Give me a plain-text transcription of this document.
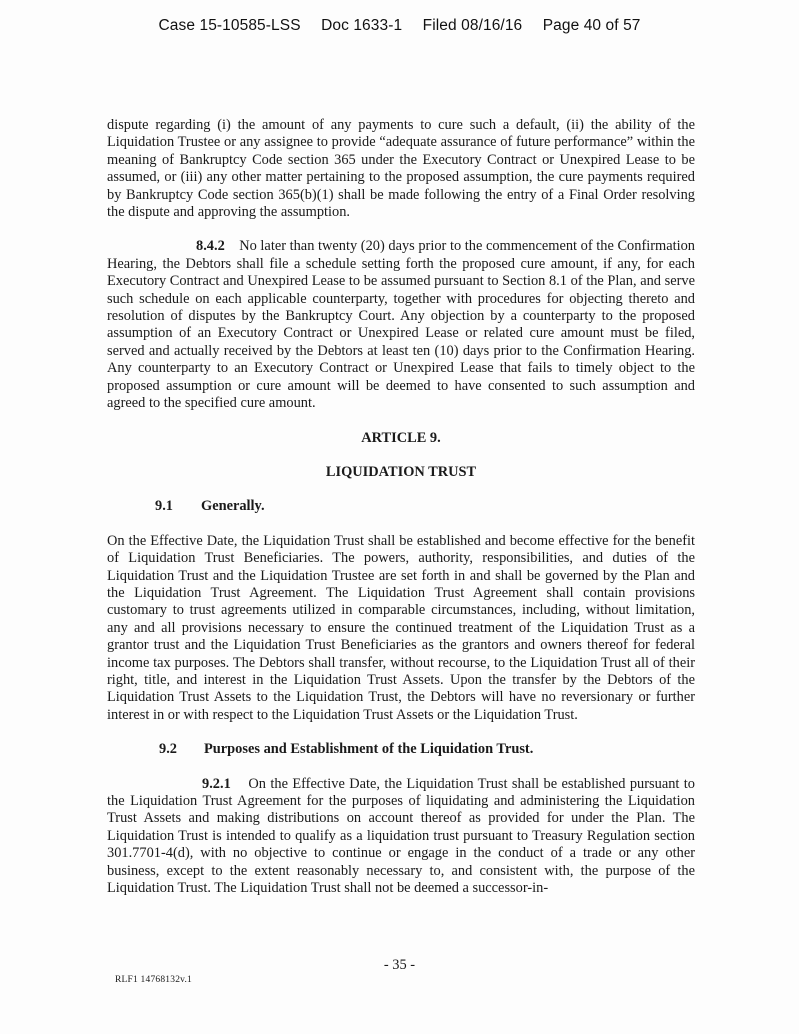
Case 15-10585-LSS Doc 1633-1 Filed 08/16/16 Page 40 of 57

dispute regarding (i) the amount of any payments to cure such a default, (ii) the ability of the Liquidation Trustee or any assignee to provide “adequate assurance of future performance” within the meaning of Bankruptcy Code section 365 under the Executory Contract or Unexpired Lease to be assumed, or (iii) any other matter pertaining to the proposed assumption, the cure payments required by Bankruptcy Code section 365(b)(1) shall be made following the entry of a Final Order resolving the dispute and approving the assumption.

8.4.2 No later than twenty (20) days prior to the commencement of the Confirmation Hearing, the Debtors shall file a schedule setting forth the proposed cure amount, if any, for each Executory Contract and Unexpired Lease to be assumed pursuant to Section 8.1 of the Plan, and serve such schedule on each applicable counterparty, together with procedures for objecting thereto and resolution of disputes by the Bankruptcy Court. Any objection by a counterparty to the proposed assumption of an Executory Contract or Unexpired Lease or related cure amount must be filed, served and actually received by the Debtors at least ten (10) days prior to the Confirmation Hearing. Any counterparty to an Executory Contract or Unexpired Lease that fails to timely object to the proposed assumption or cure amount will be deemed to have consented to such assumption and agreed to the specified cure amount.

ARTICLE 9.

LIQUIDATION TRUST

9.1 Generally.

On the Effective Date, the Liquidation Trust shall be established and become effective for the benefit of Liquidation Trust Beneficiaries. The powers, authority, responsibilities, and duties of the Liquidation Trust and the Liquidation Trustee are set forth in and shall be governed by the Plan and the Liquidation Trust Agreement. The Liquidation Trust Agreement shall contain provisions customary to trust agreements utilized in comparable circumstances, including, without limitation, any and all provisions necessary to ensure the continued treatment of the Liquidation Trust as a grantor trust and the Liquidation Trust Beneficiaries as the grantors and owners thereof for federal income tax purposes. The Debtors shall transfer, without recourse, to the Liquidation Trust all of their right, title, and interest in the Liquidation Trust Assets. Upon the transfer by the Debtors of the Liquidation Trust Assets to the Liquidation Trust, the Debtors will have no reversionary or further interest in or with respect to the Liquidation Trust Assets or the Liquidation Trust.

9.2 Purposes and Establishment of the Liquidation Trust.

9.2.1 On the Effective Date, the Liquidation Trust shall be established pursuant to the Liquidation Trust Agreement for the purposes of liquidating and administering the Liquidation Trust Assets and making distributions on account thereof as provided for under the Plan. The Liquidation Trust is intended to qualify as a liquidation trust pursuant to Treasury Regulation section 301.7701-4(d), with no objective to continue or engage in the conduct of a trade or any other business, except to the extent reasonably necessary to, and consistent with, the purpose of the Liquidation Trust. The Liquidation Trust shall not be deemed a successor-in-

- 35 -
RLF1 14768132v.1
